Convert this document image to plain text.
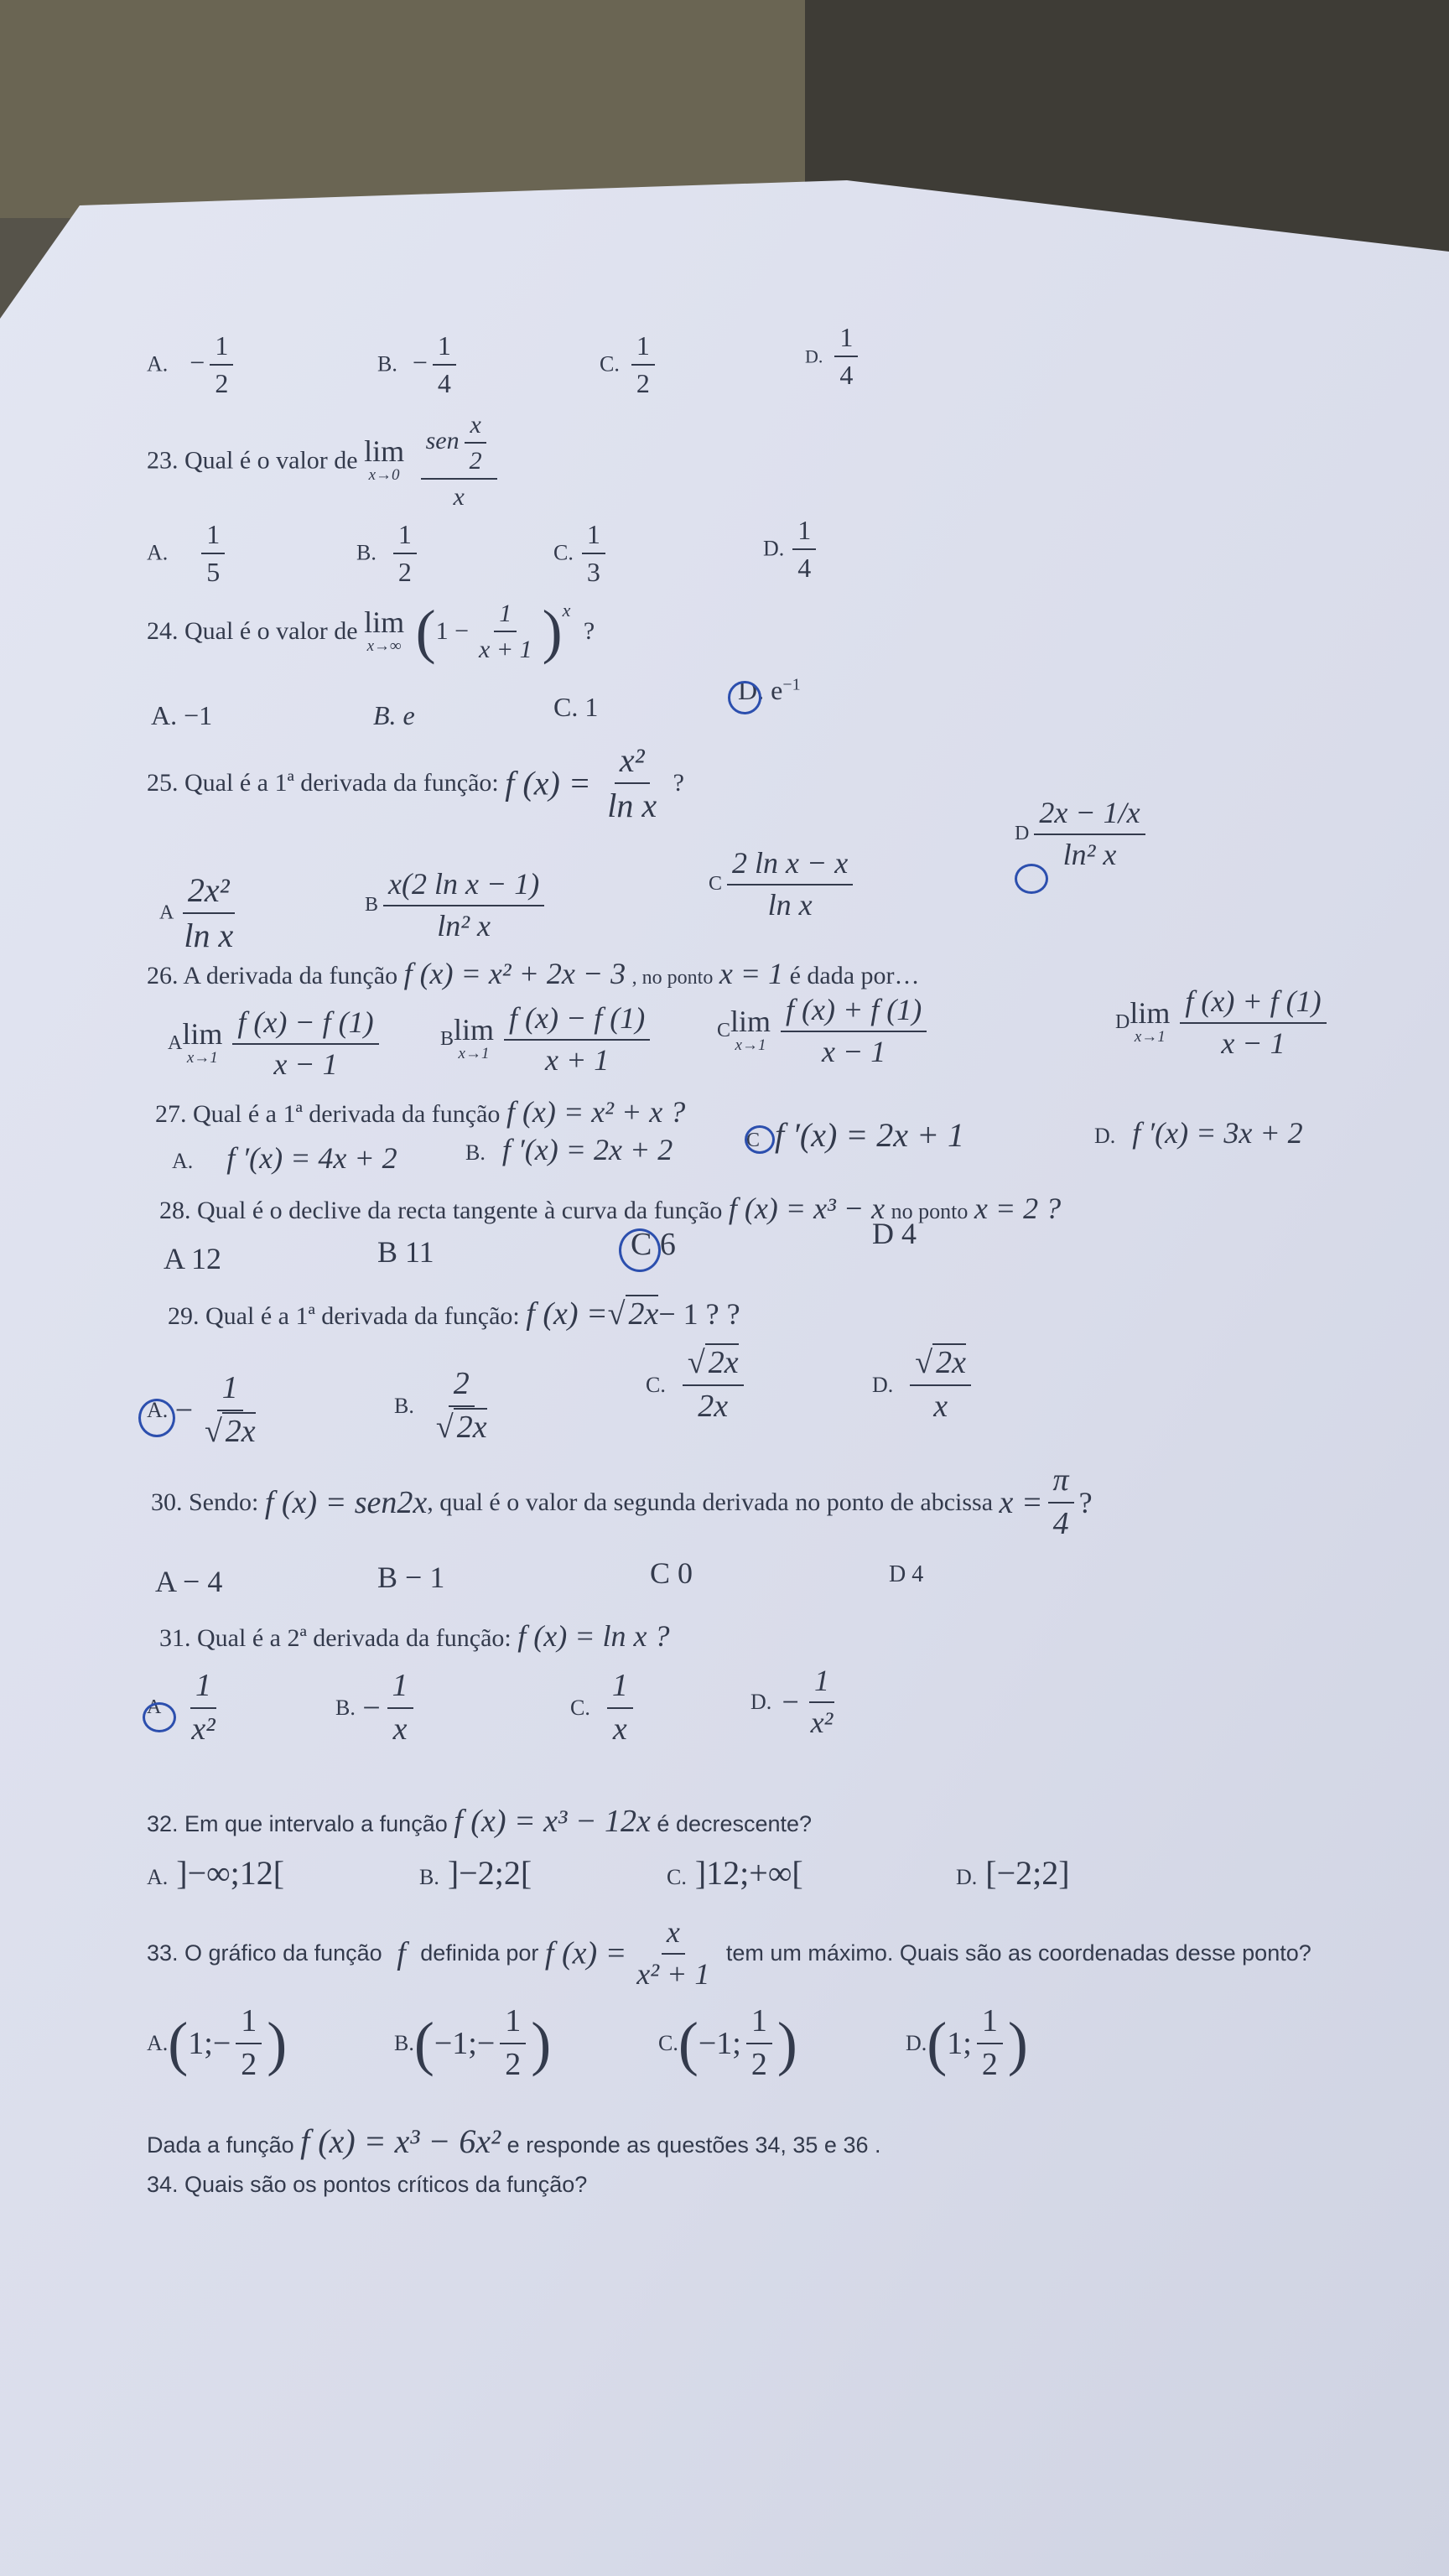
A. − $\frac{1}{2}$	B. − $\frac{1}{4}$	C. $\frac{1}{2}$	D. $\frac{1}{4}$
23. Qual é o valor de lim
x→0
$\frac{sen \frac{x}{2}}{x}$
A. $\frac{1}{5}$	B. $\frac{1}{2}$	C. $\frac{1}{3}$	D. $\frac{1}{4}$
24. Qual é o valor de lim
x→∞ $(1 - \frac{1}{x + 1} )^x$ ?
A. −1	B. e	C. 1
D. $e^{-1}$
25. Qual é a 1ª derivada da função: f $(x) = \frac{\text{x²}}{\text{ln x}}$ ?
A $\frac{\text{2x²}}{\text{ln x}}$	B $\frac{\text{x(2 ln x − 1)}}{\text{ln² x}}$	C $\frac{\text{2 ln x − x}}{\text{ln x}}$
D $\frac{2x - 1/x}{\text{ln² x}}$
26. A derivada da função f (x) = x² + 2x − 3 , no ponto x = 1 é dada por…
A lim
$x\to 1 \frac{f (x) - f (1)}{x - 1}$	B lim
$x\to 1 \frac{f (x) - f (1)}{x + 1}$	C lim
$x\to 1 \frac{f (x) + f (1)}{x - 1}$	D lim
$x\to 1 \frac{f (x) + f (1)}{x - 1}$
27. Qual é a 1ª derivada da função f (x) = x² + x ?
A. f ′(x) = 4x + 2	B. f ′(x) = 2x + 2	C f ′(x) = 2x + 1	D. f ′(x) = 3x + 2
28. Qual é o declive da recta tangente à curva da função f (x) = x³ − x no ponto x = 2 ?
A 12	B 11	C 6	D 4
29. Qual é a 1ª derivada da função: f (x) =√ 2x− 1 ? ?
A. − $\frac{1}{√ 2x}$	B. $\frac{2}{√ 2x}$	C. $\frac{√ 2x}{2x}$	D. $\frac{√ 2x}{x}$
30. Sendo: f (x) = sen2x, qual é o valor da segunda derivada no ponto de abcissa $x = \frac{\pi}{4}$ ?
A − 4	B − 1	C 0	D 4
31. Qual é a 2ª derivada da função: f (x) = ln x ?
A $\frac{1}{\text{x²}}$	B. − $\frac{1}{x}$	C. $\frac{1}{x}$	D. − $\frac{1}{\text{x²}}$
32. Em que intervalo a função f (x) = x³ − 12x é decrescente?
A. ]−∞;12[	B. ]−2;2[	C. ]12;+∞[	D. [−2;2]
33. O gráfico da função f definida por f $(x) = \frac{x}{\text{x² + 1}}$ tem um máximo. Quais são as coordenadas desse ponto?
A.(1;− $\frac{1}{2}$ )	B.(−1;− $\frac{1}{2}$ )	C.(−1; $\frac{1}{2}$ )	D.(1; $\frac{1}{2}$ )
Dada a função f (x) = x³ − 6x² e responde as questões 34, 35 e 36 .
34. Quais são os pontos críticos da função?
